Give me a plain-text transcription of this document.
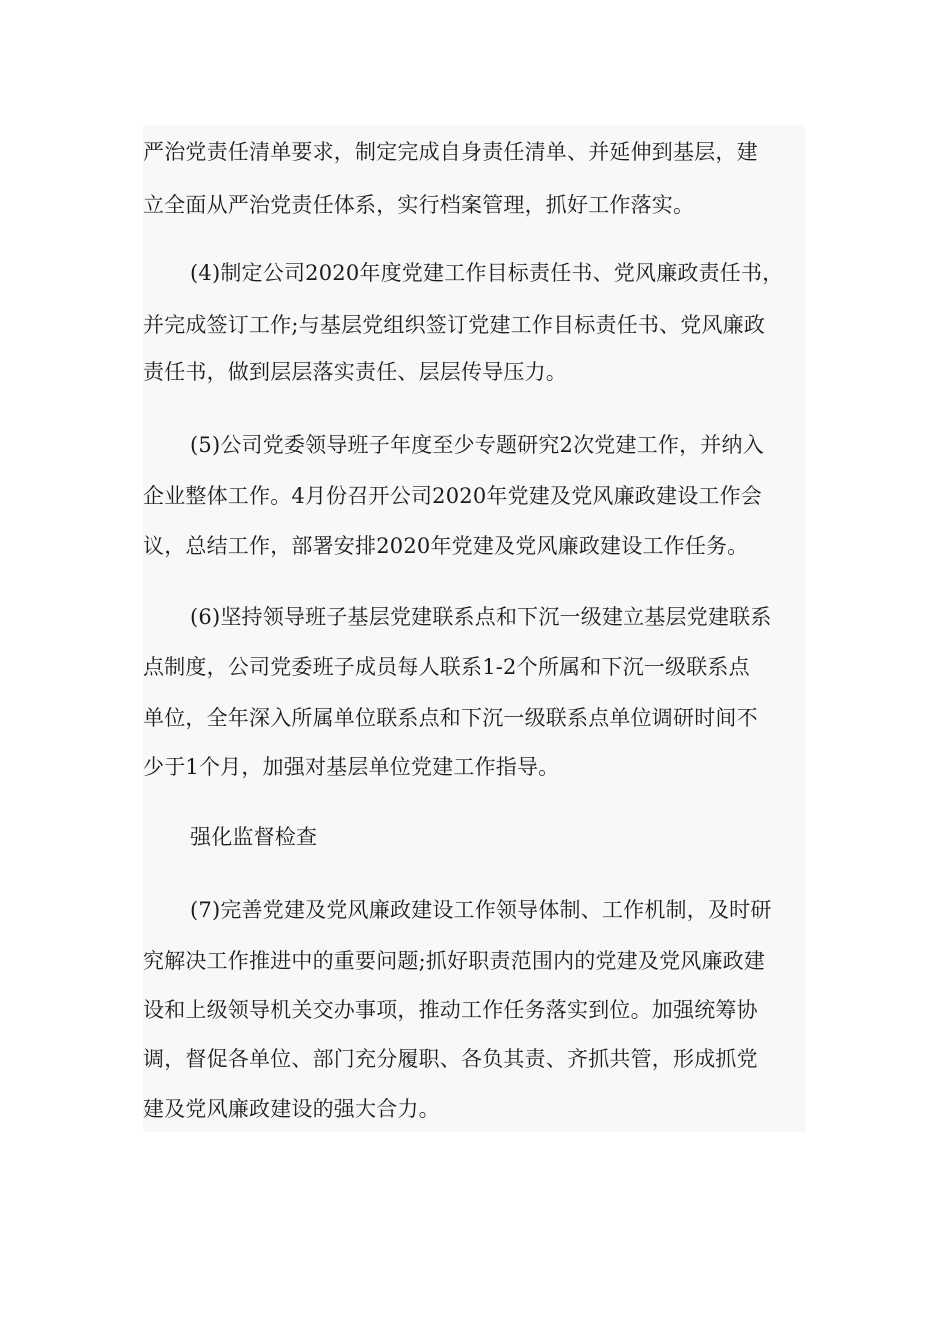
严治党责任清单要求，制定完成自身责任清单、并延伸到基层，建
立全面从严治党责任体系，实行档案管理，抓好工作落实。
(4)制定公司2020年度党建工作目标责任书、党风廉政责任书，
并完成签订工作;与基层党组织签订党建工作目标责任书、党风廉政
责任书，做到层层落实责任、层层传导压力。
(5)公司党委领导班子年度至少专题研究2次党建工作，并纳入
企业整体工作。4月份召开公司2020年党建及党风廉政建设工作会
议，总结工作，部署安排2020年党建及党风廉政建设工作任务。
(6)坚持领导班子基层党建联系点和下沉一级建立基层党建联系
点制度，公司党委班子成员每人联系1-2个所属和下沉一级联系点
单位，全年深入所属单位联系点和下沉一级联系点单位调研时间不
少于1个月，加强对基层单位党建工作指导。
强化监督检查
(7)完善党建及党风廉政建设工作领导体制、工作机制，及时研
究解决工作推进中的重要问题;抓好职责范围内的党建及党风廉政建
设和上级领导机关交办事项，推动工作任务落实到位。加强统筹协
调，督促各单位、部门充分履职、各负其责、齐抓共管，形成抓党
建及党风廉政建设的强大合力。
